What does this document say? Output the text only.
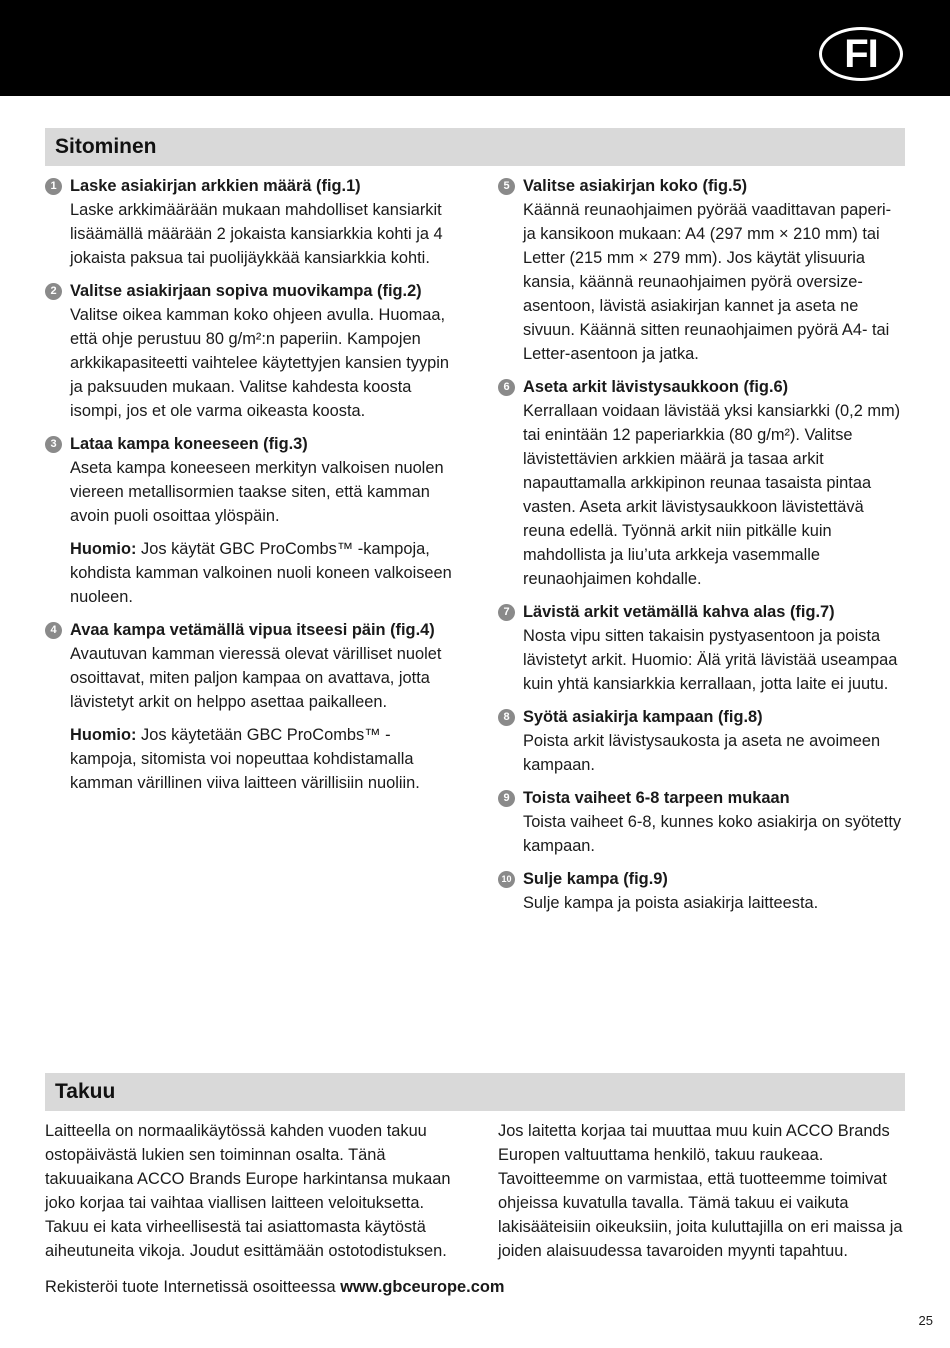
FI
Sitominen
1 Laske asiakirjan arkkien määrä (fig.1)
Laske arkkimäärään mukaan mahdolliset kansiarkit lisäämällä määrään 2 jokaista kansiarkkia kohti ja 4 jokaista paksua tai puolijäykkää kansiarkkia kohti.
2 Valitse asiakirjaan sopiva muovikampa (fig.2)
Valitse oikea kamman koko ohjeen avulla. Huomaa, että ohje perustuu 80 g/m²:n paperiin. Kampojen arkkikapasiteetti vaihtelee käytettyjen kansien tyypin ja paksuuden mukaan. Valitse kahdesta koosta isompi, jos et ole varma oikeasta koosta.
3 Lataa kampa koneeseen (fig.3)
Aseta kampa koneeseen merkityn valkoisen nuolen viereen metallisormien taakse siten, että kamman avoin puoli osoittaa ylöspäin.
Huomio: Jos käytät GBC ProCombs™ -kampoja, kohdista kamman valkoinen nuoli koneen valkoiseen nuoleen.
4 Avaa kampa vetämällä vipua itseesi päin (fig.4)
Avautuvan kamman vieressä olevat värilliset nuolet osoittavat, miten paljon kampaa on avattava, jotta lävistetyt arkit on helppo asettaa paikalleen.
Huomio: Jos käytetään GBC ProCombs™ -kampoja, sitomista voi nopeuttaa kohdistamalla kamman värillinen viiva laitteen värillisiin nuoliin.
5 Valitse asiakirjan koko (fig.5)
Käännä reunaohjaimen pyörää vaadittavan paperi- ja kansikoon mukaan: A4 (297 mm × 210 mm) tai Letter (215 mm × 279 mm). Jos käytät ylisuuria kansia, käännä reunaohjaimen pyörä oversize-asentoon, lävistä asiakirjan kannet ja aseta ne sivuun. Käännä sitten reunaohjaimen pyörä A4- tai Letter-asentoon ja jatka.
6 Aseta arkit lävistysaukkoon (fig.6)
Kerrallaan voidaan lävistää yksi kansiarkki (0,2 mm) tai enintään 12 paperiarkkia (80 g/m²). Valitse lävistettävien arkkien määrä ja tasaa arkit napauttamalla arkkipinon reunaa tasaista pintaa vasten. Aseta arkit lävistysaukkoon lävistettävä reuna edellä. Työnnä arkit niin pitkälle kuin mahdollista ja liu’uta arkkeja vasemmalle reunaohjaimen kohdalle.
7 Lävistä arkit vetämällä kahva alas (fig.7)
Nosta vipu sitten takaisin pystyasentoon ja poista lävistetyt arkit. Huomio: Älä yritä lävistää useampaa kuin yhtä kansiarkkia kerrallaan, jotta laite ei juutu.
8 Syötä asiakirja kampaan (fig.8)
Poista arkit lävistysaukosta ja aseta ne avoimeen kampaan.
9 Toista vaiheet 6-8 tarpeen mukaan
Toista vaiheet 6-8, kunnes koko asiakirja on syötetty kampaan.
10 Sulje kampa (fig.9)
Sulje kampa ja poista asiakirja laitteesta.
Takuu
Laitteella on normaalikäytössä kahden vuoden takuu ostopäivästä lukien sen toiminnan osalta. Tänä takuuaikana ACCO Brands Europe harkintansa mukaan joko korjaa tai vaihtaa viallisen laitteen veloituksetta. Takuu ei kata virheellisestä tai asiattomasta käytöstä aiheutuneita vikoja. Joudut esittämään ostotodistuksen.
Jos laitetta korjaa tai muuttaa muu kuin ACCO Brands Europen valtuuttama henkilö, takuu raukeaa. Tavoitteemme on varmistaa, että tuotteemme toimivat ohjeissa kuvatulla tavalla. Tämä takuu ei vaikuta lakisääteisiin oikeuksiin, joita kuluttajilla on eri maissa ja joiden alaisuudessa tavaroiden myynti tapahtuu.
Rekisteröi tuote Internetissä osoitteessa www.gbceurope.com
25
